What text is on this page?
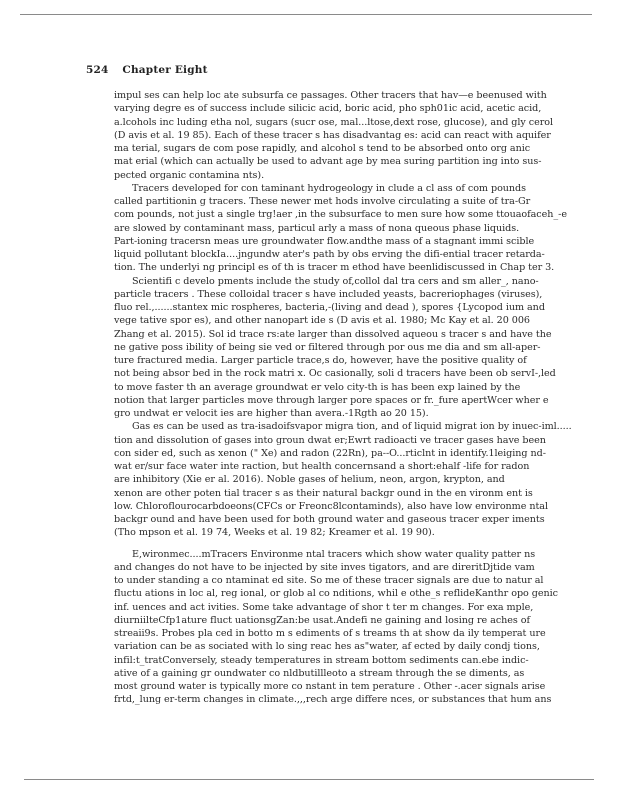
524 Chapter Eight
impul ses can help loc ate subsurfa ce passages. Other tracers that hav—e beenused with
varying degre es of success include silicic acid, boric acid, pho sph01ic acid, acetic acid,
a.lcohols inc luding etha nol, sugars (sucr ose, mal...ltose,dext rose, glucose), and gly cerol
(D avis et al. 19 85). Each of these tracer s has disadvantag es: acid can react with aquifer
ma terial, sugars de com pose rapidly, and alcohol s tend to be absorbed onto org anic
mat erial (which can actually be used to advant age by mea suring partition ing into sus-
pected organic contamina nts).
Tracers developed for con taminant hydrogeology in clude a cl ass of com pounds
called partitionin g tracers. These newer met hods involve circulating a suite of tra-Gr
com pounds, not just a single trg!aer ,in the subsurface to men sure how some ttouaofaceh_-e
are slowed by contaminant mass, particul arly a mass of nona queous phase liquids.
Part-ioning tracersn meas ure groundwater flow.andthe mass of a stagnant immi scible
liquid pollutant blockIa....jngundw ater's path by obs erving the difi-ential tracer retarda-
tion. The underlyi ng principl es of th is tracer m ethod have beenlidiscussed in Chap ter 3.
Scientifi c develo pments include the study of,collol dal tra cers and sm aller_, nano-
particle tracers . These colloidal tracer s have included yeasts, bacreriophages (viruses),
fluo rel.,......stantex mic rospheres, bacteria,-(living and dead ), spores {Lycopod ium and
vege tative spor es), and other nanopart ide s (D avis et al. 1980; Mc Kay et al. 20 006
Zhang et al. 2015). Sol id trace rs:ate larger than dissolved aqueou s tracer s and have the
ne gative poss ibility of being sie ved or filtered through por ous me dia and sm all-aper-
ture fractured media. Larger particle trace,s do, however, have the positive quality of
not being absor bed in the rock matri x. Oc casionally, soli d tracers have been ob servI-,led
to move faster th an average groundwat er velo city-th is has been exp lained by the
notion that larger particles move through larger pore spaces or fr._fure apertWcer wher e
gro undwat er velocit ies are higher than avera.-1Rgth ao 20 15).
Gas es can be used as tra-isadoifsvapor migra tion, and of liquid migrat ion by inuec-iml.....
tion and dissolution of gases into groun dwat er;Ewrt radioacti ve tracer gases have been
con sider ed, such as xenon (" Xe) and radon (22Rn), pa--O...rticlnt in identify.1leiging nd-
wat er/sur face water inte raction, but health concernsand a short:ehalf -life for radon
are inhibitory (Xie er al. 2016). Noble gases of helium, neon, argon, krypton, and
xenon are other poten tial tracer s as their natural backgr ound in the en vironm ent is
low. Chloroflourocarbdoeons(CFCs or Freonc8lcontaminds), also have low environme ntal
backgr ound and have been used for both ground water and gaseous tracer exper iments
(Tho mpson et al. 19 74, Weeks et al. 19 82; Kreamer et al. 19 90).
E,wironmec....mTracers Environme ntal tracers which show water quality patter ns
and changes do not have to be injected by site inves tigators, and are direritDjtide vam
to under standing a co ntaminat ed site. So me of these tracer signals are due to natur al
fluctu ations in loc al, reg ional, or glob al co nditions, whil e othe_s reflideKanthr opo genic
inf. uences and act ivities. Some take advantage of shor t ter m changes. For exa mple,
diurniilteCfp1ature fluct uationsgZan:be usat.Andefi ne gaining and losing re aches of
streaii9s. Probes pla ced in botto m s ediments of s treams th at show da ily temperat ure
variation can be as sociated with lo sing reac hes as"water, af ected by daily condj tions,
infil:t_tratConversely, steady temperatures in stream bottom sediments can.ebe indic-
ative of a gaining gr oundwater co nldbutillleoto a stream through the se diments, as
most ground water is typically more co nstant in tem perature . Other -.acer signals arise
frtd,_lung er-term changes in climate.,,,rech arge differe nces, or substances that hum ans
